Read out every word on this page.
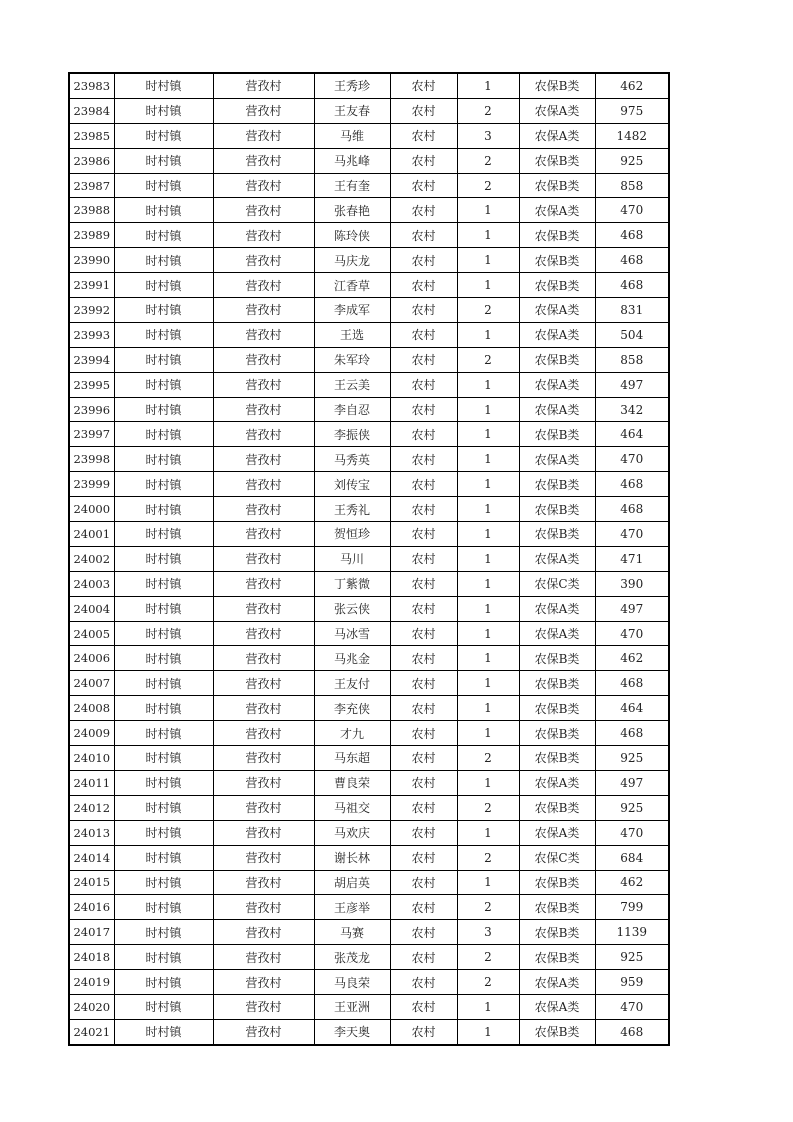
23983	时村镇	营孜村	王秀珍	农村	1	农保B类	462
23984	时村镇	营孜村	王友春	农村	2	农保A类	975
23985	时村镇	营孜村	马维	农村	3	农保A类	1482
23986	时村镇	营孜村	马兆峰	农村	2	农保B类	925
23987	时村镇	营孜村	王有奎	农村	2	农保B类	858
23988	时村镇	营孜村	张春艳	农村	1	农保A类	470
23989	时村镇	营孜村	陈玲侠	农村	1	农保B类	468
23990	时村镇	营孜村	马庆龙	农村	1	农保B类	468
23991	时村镇	营孜村	江香草	农村	1	农保B类	468
23992	时村镇	营孜村	李成军	农村	2	农保A类	831
23993	时村镇	营孜村	王选	农村	1	农保A类	504
23994	时村镇	营孜村	朱军玲	农村	2	农保B类	858
23995	时村镇	营孜村	王云美	农村	1	农保A类	497
23996	时村镇	营孜村	李自忍	农村	1	农保A类	342
23997	时村镇	营孜村	李振侠	农村	1	农保B类	464
23998	时村镇	营孜村	马秀英	农村	1	农保A类	470
23999	时村镇	营孜村	刘传宝	农村	1	农保B类	468
24000	时村镇	营孜村	王秀礼	农村	1	农保B类	468
24001	时村镇	营孜村	贺恒珍	农村	1	农保B类	470
24002	时村镇	营孜村	马川	农村	1	农保A类	471
24003	时村镇	营孜村	丁紫微	农村	1	农保C类	390
24004	时村镇	营孜村	张云侠	农村	1	农保A类	497
24005	时村镇	营孜村	马冰雪	农村	1	农保A类	470
24006	时村镇	营孜村	马兆金	农村	1	农保B类	462
24007	时村镇	营孜村	王友付	农村	1	农保B类	468
24008	时村镇	营孜村	李充侠	农村	1	农保B类	464
24009	时村镇	营孜村	才九	农村	1	农保B类	468
24010	时村镇	营孜村	马东超	农村	2	农保B类	925
24011	时村镇	营孜村	曹良荣	农村	1	农保A类	497
24012	时村镇	营孜村	马祖交	农村	2	农保B类	925
24013	时村镇	营孜村	马欢庆	农村	1	农保A类	470
24014	时村镇	营孜村	谢长林	农村	2	农保C类	684
24015	时村镇	营孜村	胡启英	农村	1	农保B类	462
24016	时村镇	营孜村	王彦举	农村	2	农保B类	799
24017	时村镇	营孜村	马赛	农村	3	农保B类	1139
24018	时村镇	营孜村	张茂龙	农村	2	农保B类	925
24019	时村镇	营孜村	马良荣	农村	2	农保A类	959
24020	时村镇	营孜村	王亚洲	农村	1	农保A类	470
24021	时村镇	营孜村	李天奥	农村	1	农保B类	468
